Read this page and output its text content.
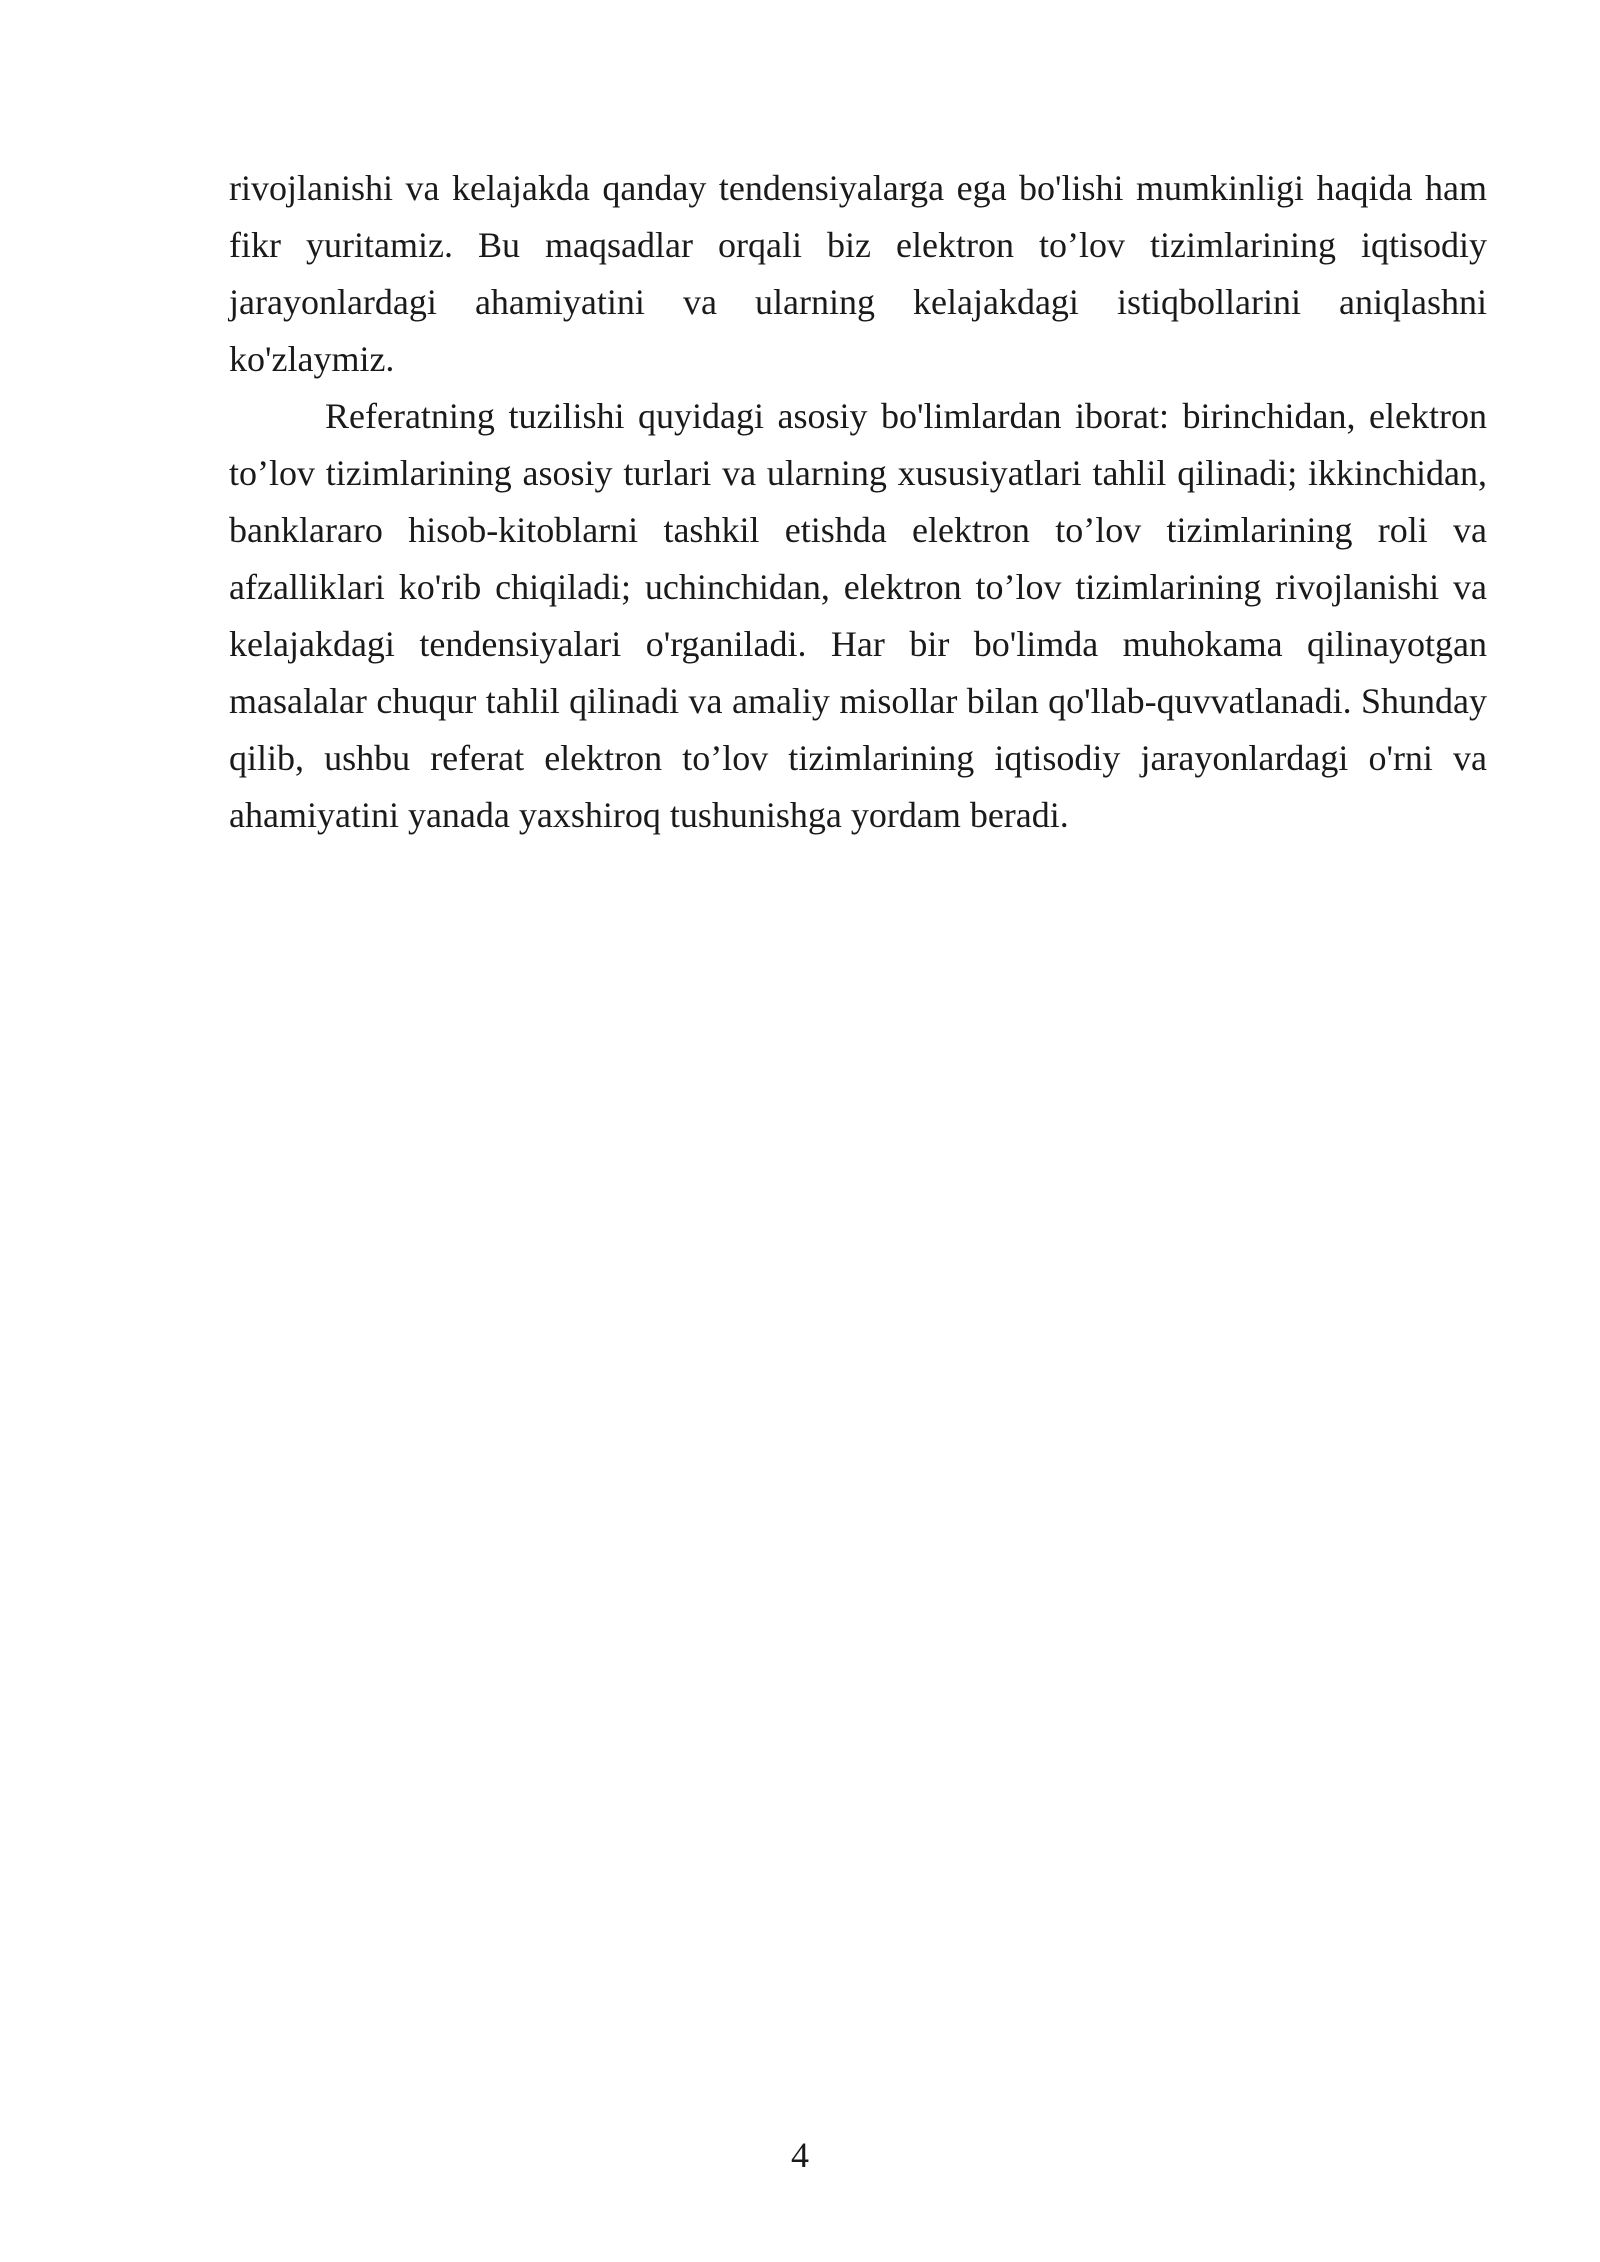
rivojlanishi va kelajakda qanday tendensiyalarga ega bo'lishi mumkinligi haqida ham fikr yuritamiz. Bu maqsadlar orqali biz elektron to’lov tizimlarining iqtisodiy jarayonlardagi ahamiyatini va ularning kelajakdagi istiqbollarini aniqlashni ko'zlaymiz.

Referatning tuzilishi quyidagi asosiy bo'limlardan iborat: birinchidan, elektron to’lov tizimlarining asosiy turlari va ularning xususiyatlari tahlil qilinadi; ikkinchidan, banklararo hisob-kitoblarni tashkil etishda elektron to’lov tizimlarining roli va afzalliklari ko'rib chiqiladi; uchinchidan, elektron to’lov tizimlarining rivojlanishi va kelajakdagi tendensiyalari o'rganiladi. Har bir bo'limda muhokama qilinayotgan masalalar chuqur tahlil qilinadi va amaliy misollar bilan qo'llab-quvvatlanadi. Shunday qilib, ushbu referat elektron to’lov tizimlarining iqtisodiy jarayonlardagi o'rni va ahamiyatini yanada yaxshiroq tushunishga yordam beradi.

4
